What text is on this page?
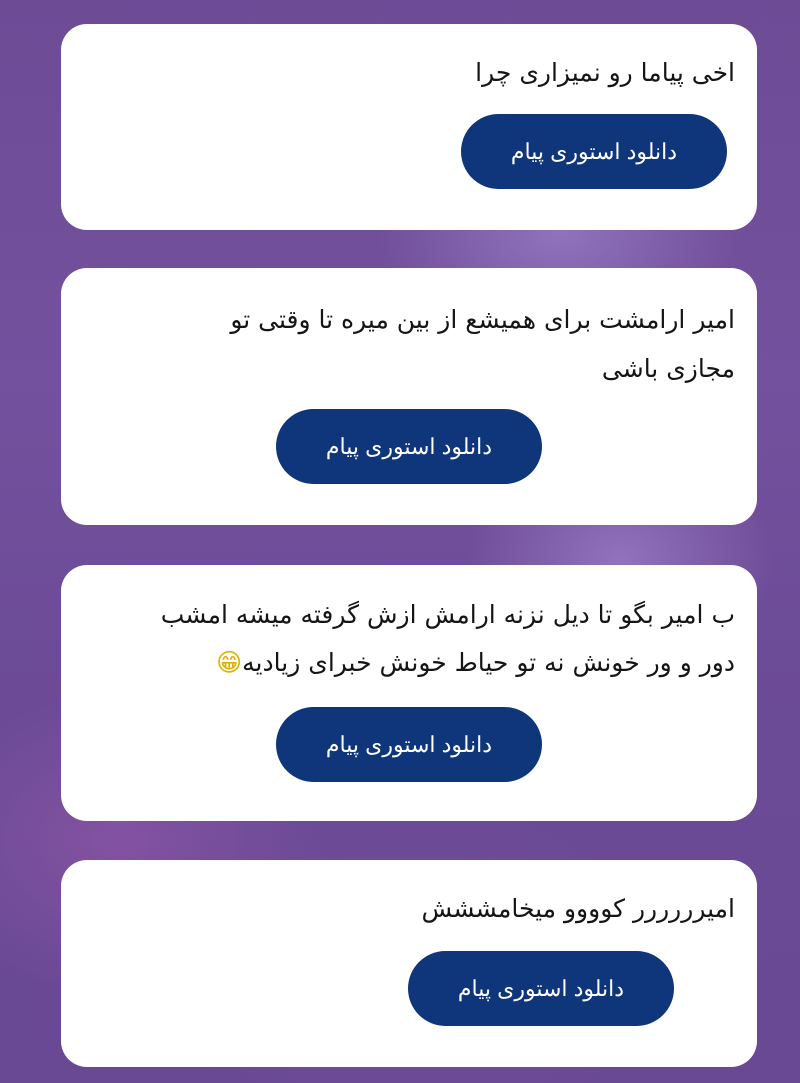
اخی پیاما رو نمیزاری چرا

دانلود استوری پیام

امیر ارامشت برای همیشع از بین میره تا وقتی تو

مجازی باشی

دانلود استوری پیام

ب امیر بگو تا دیل نزنه ارامش ازش گرفته میشه امشب

دور و ور خونش نه تو حیاط خونش خبرای زیادیه😁

دانلود استوری پیام

امیرررررر کوووو میخامششش

دانلود استوری پیام
